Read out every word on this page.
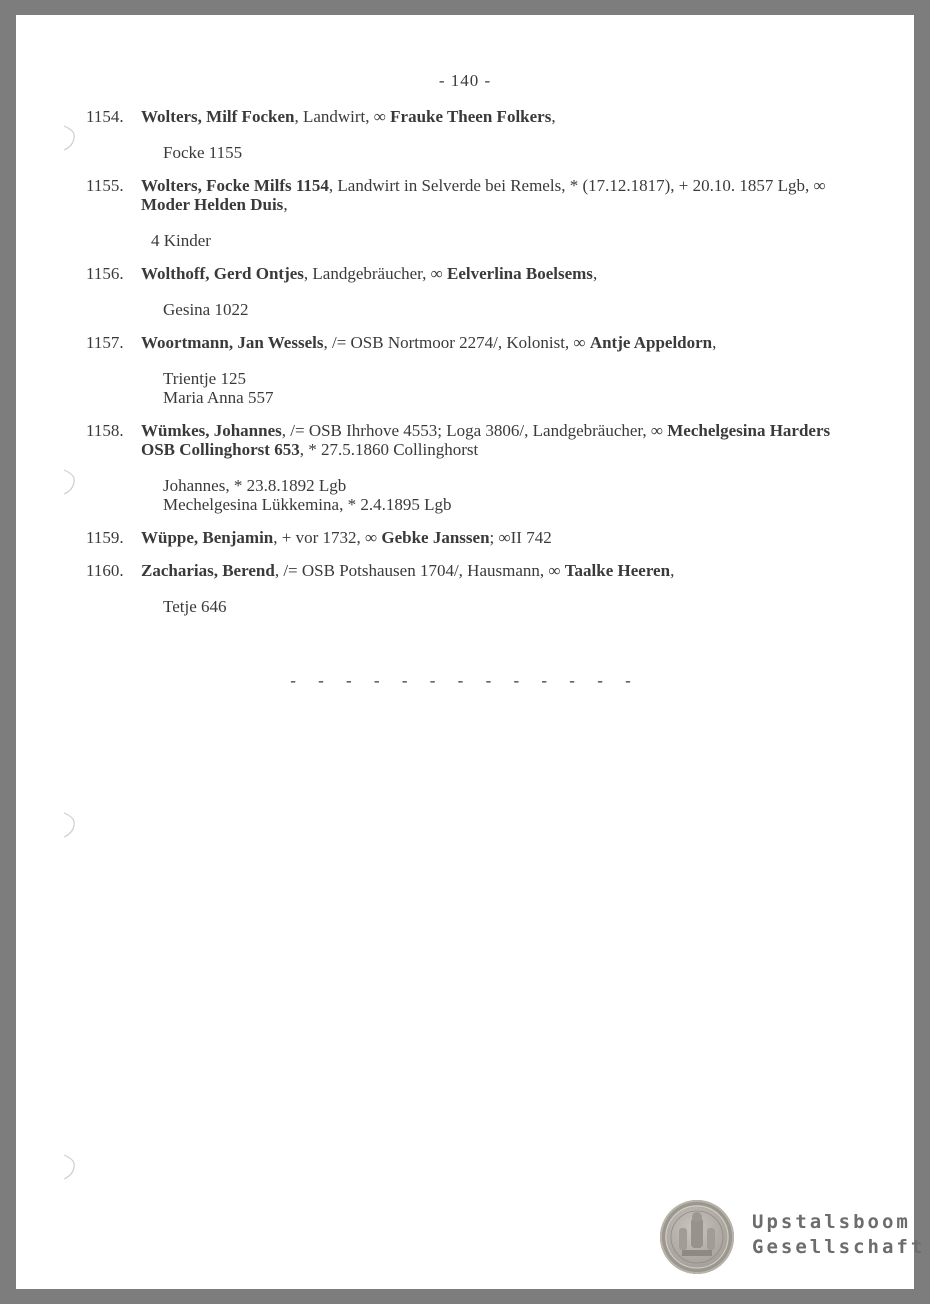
- 140 -
1154.	Wolters, Milf Focken, Landwirt, ∞ Frauke Theen Folkers,
Focke 1155
1155.	Wolters, Focke Milfs 1154, Landwirt in Selverde bei Remels, * (17.12.1817), + 20.10. 1857 Lgb, ∞ Moder Helden Duis,
4 Kinder
1156.	Wolthoff, Gerd Ontjes, Landgebräucher, ∞ Eelverlina Boelsems,
Gesina 1022
1157.	Woortmann, Jan Wessels, /= OSB Nortmoor 2274/, Kolonist, ∞ Antje Appeldorn,
Trientje 125
Maria Anna 557
1158.	Wümkes, Johannes, /= OSB Ihrhove 4553; Loga 3806/, Landgebräucher, ∞ Mechelgesina Harders OSB Collinghorst 653, * 27.5.1860 Collinghorst
Johannes, * 23.8.1892 Lgb
Mechelgesina Lükkemina, * 2.4.1895 Lgb
1159.	Wüppe, Benjamin, + vor 1732, ∞ Gebke Janssen; ∞II 742
1160.	Zacharias, Berend, /= OSB Potshausen 1704/, Hausmann, ∞ Taalke Heeren,
Tetje 646
- - - - - - - - - - - - -
Upstalsboom
Gesellschaft
